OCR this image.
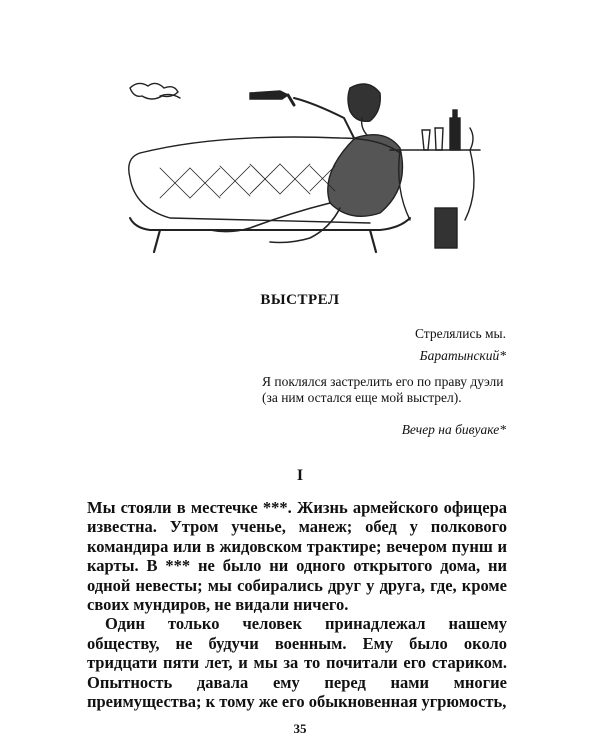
ВЫСТРЕЛ
Стрелялись мы.
Баратынский*
Я поклялся застрелить его по праву дуэли (за ним остался еще мой выстрел).
Вечер на бивуаке*
I

Мы стояли в местечке ***. Жизнь армейского офицера известна. Утром ученье, манеж; обед у полкового командира или в жидовском трактире; вечером пунш и карты. В *** не было ни одного открытого дома, ни одной невесты; мы собирались друг у друга, где, кроме своих мундиров, не видали ничего.

Один только человек принадлежал нашему обществу, не будучи военным. Ему было около тридцати пяти лет, и мы за то почитали его стариком. Опытность давала ему перед нами многие преимущества; к тому же его обыкновенная угрюмость,

35
